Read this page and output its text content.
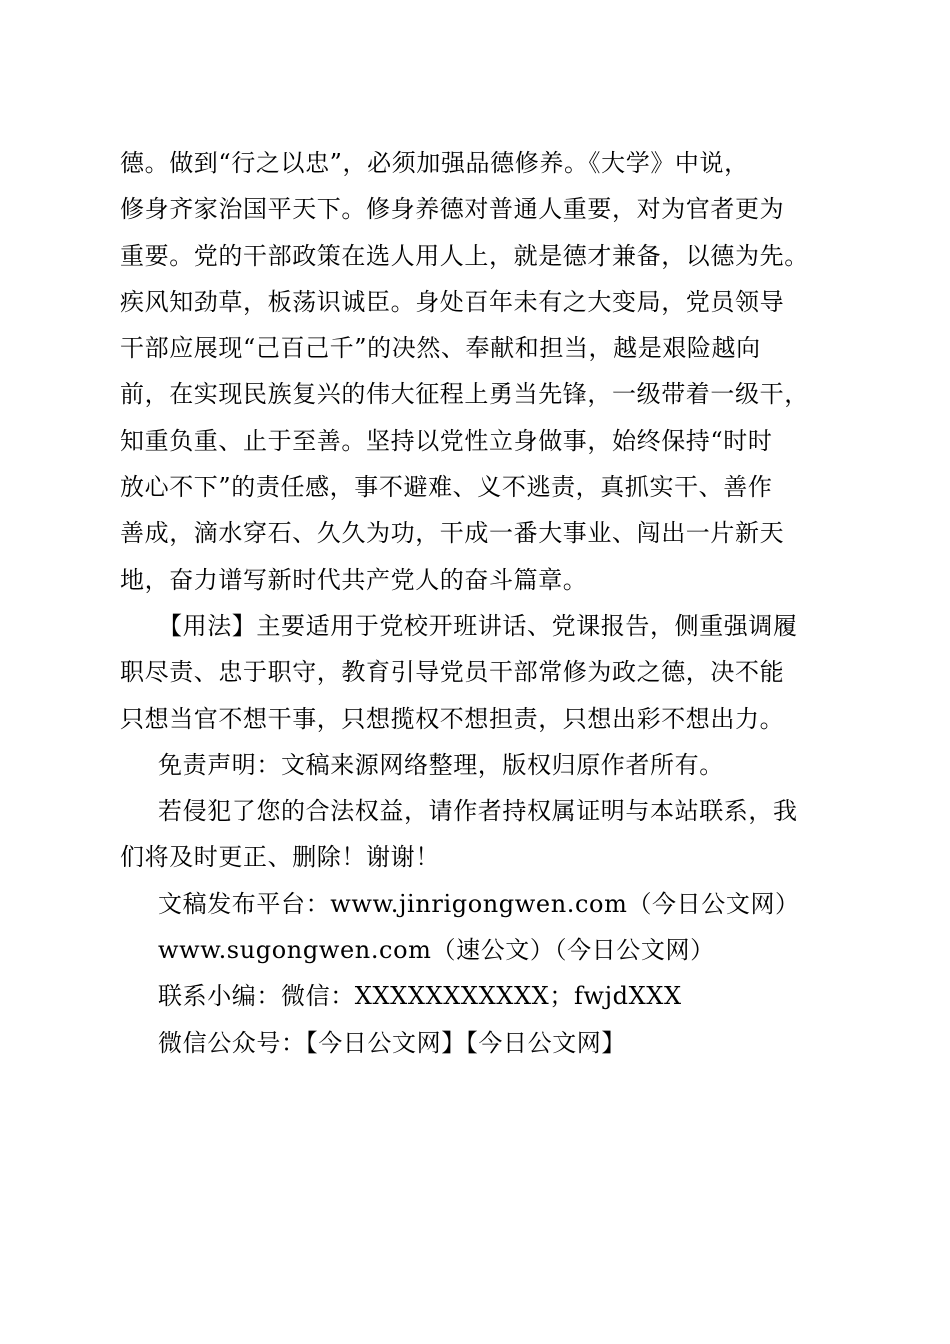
德。做到“行之以忠”，必须加强品德修养。《大学》中说，
修身齐家治国平天下。修身养德对普通人重要，对为官者更为
重要。党的干部政策在选人用人上，就是德才兼备，以德为先。
疾风知劲草，板荡识诚臣。身处百年未有之大变局，党员领导
干部应展现“己百己千”的决然、奉献和担当，越是艰险越向
前，在实现民族复兴的伟大征程上勇当先锋，一级带着一级干，
知重负重、止于至善。坚持以党性立身做事，始终保持“时时
放心不下”的责任感，事不避难、义不逃责，真抓实干、善作
善成，滴水穿石、久久为功，干成一番大事业、闯出一片新天
地，奋力谱写新时代共产党人的奋斗篇章。
【用法】主要适用于党校开班讲话、党课报告，侧重强调履
职尽责、忠于职守，教育引导党员干部常修为政之德，决不能
只想当官不想干事，只想揽权不想担责，只想出彩不想出力。
免责声明：文稿来源网络整理，版权归原作者所有。
若侵犯了您的合法权益，请作者持权属证明与本站联系，我
们将及时更正、删除！谢谢！
文稿发布平台：www.jinrigongwen.com（今日公文网）
www.sugongwen.com（速公文）（今日公文网）
联系小编：微信：XXXXXXXXXXX；fwjdXXX
微信公众号：【今日公文网】【今日公文网】
